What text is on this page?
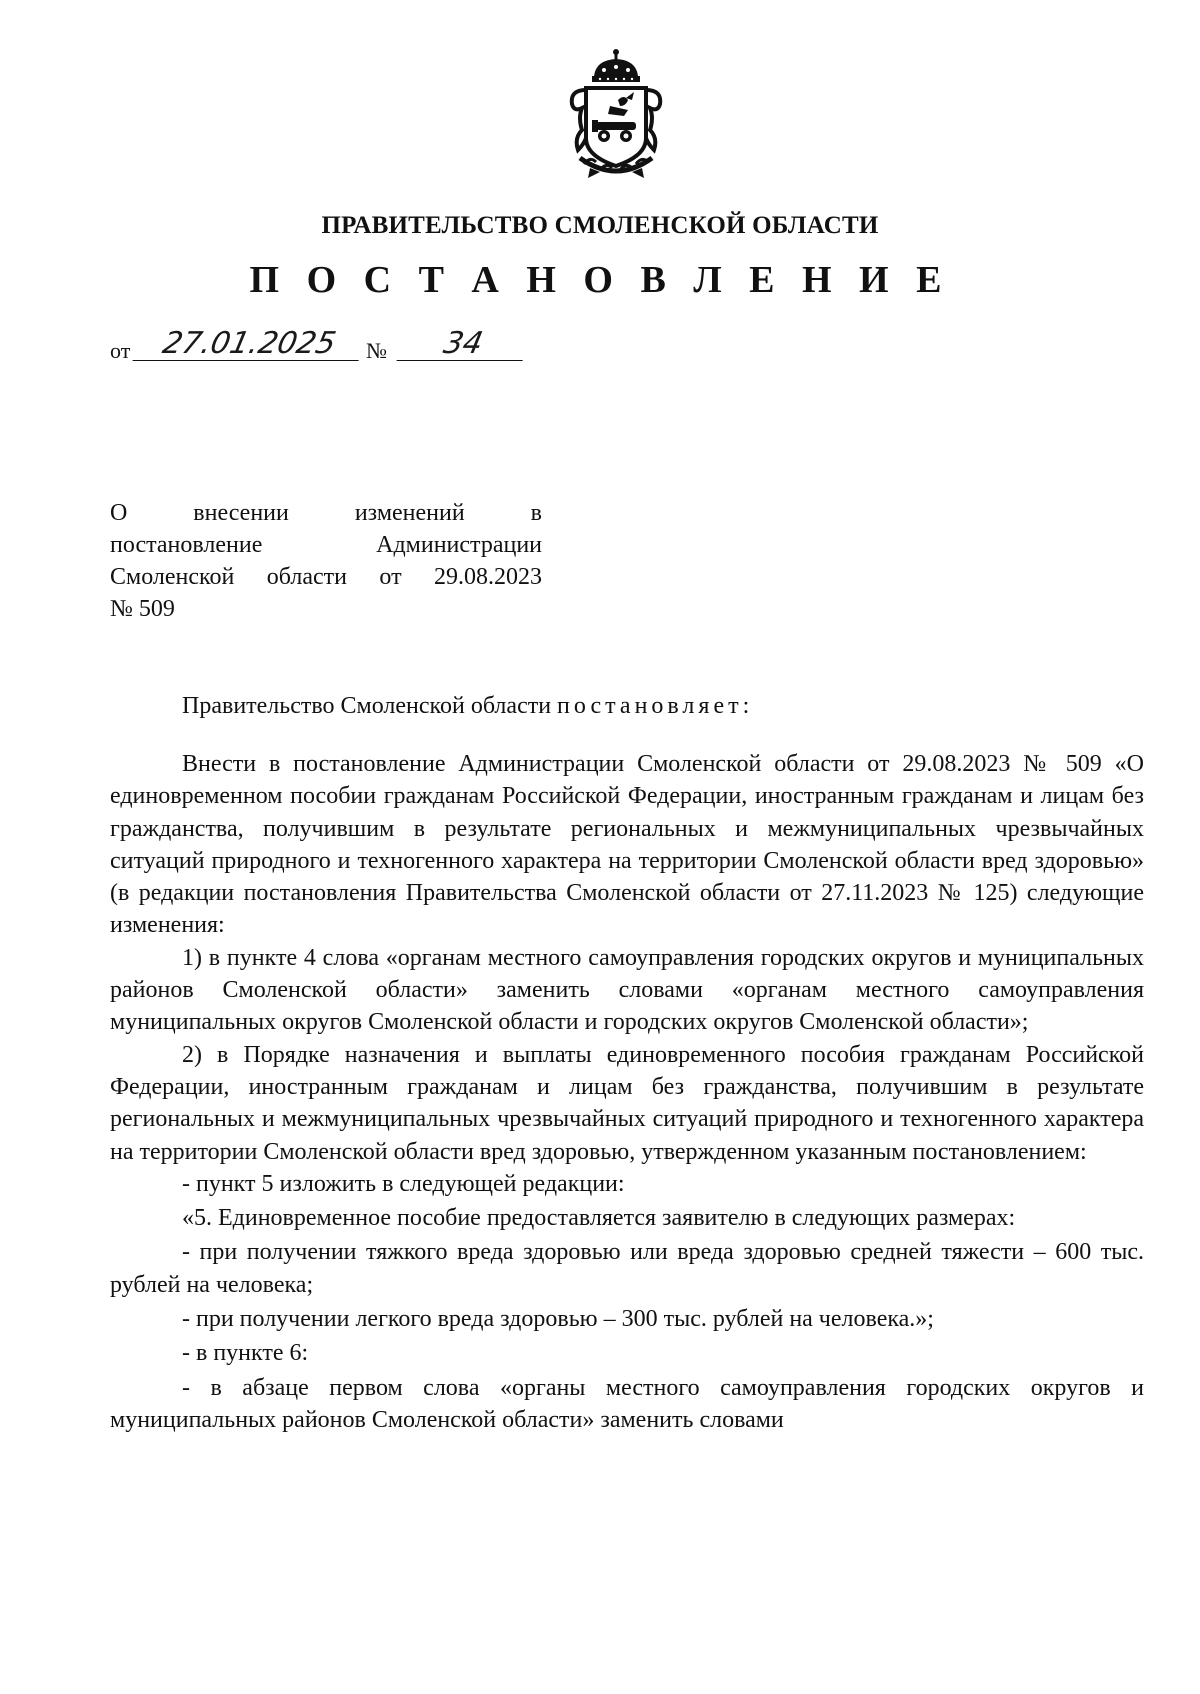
ПРАВИТЕЛЬСТВО СМОЛЕНСКОЙ ОБЛАСТИ
П О С Т А Н О В Л Е Н И Е
от 27.01.2025	№	34
О внесении изменений в
постановление Администрации
Смоленской области от 29.08.2023
№ 509
Правительство Смоленской области постановляет:

Внести в постановление Администрации Смоленской области от 29.08.2023 № 509 «О единовременном пособии гражданам Российской Федерации, иностранным гражданам и лицам без гражданства, получившим в результате региональных и межмуниципальных чрезвычайных ситуаций природного и техногенного характера на территории Смоленской области вред здоровью» (в редакции постановления Правительства Смоленской области от 27.11.2023 № 125) следующие изменения:

1) в пункте 4 слова «органам местного самоуправления городских округов и муниципальных районов Смоленской области» заменить словами «органам местного самоуправления муниципальных округов Смоленской области и городских округов Смоленской области»;

2) в Порядке назначения и выплаты единовременного пособия гражданам Российской Федерации, иностранным гражданам и лицам без гражданства, получившим в результате региональных и межмуниципальных чрезвычайных ситуаций природного и техногенного характера на территории Смоленской области вред здоровью, утвержденном указанным постановлением:

- пункт 5 изложить в следующей редакции:

«5. Единовременное пособие предоставляется заявителю в следующих размерах:

- при получении тяжкого вреда здоровью или вреда здоровью средней тяжести – 600 тыс. рублей на человека;

- при получении легкого вреда здоровью – 300 тыс. рублей на человека.»;

- в пункте 6:

- в абзаце первом слова «органы местного самоуправления городских округов и муниципальных районов Смоленской области» заменить словами
